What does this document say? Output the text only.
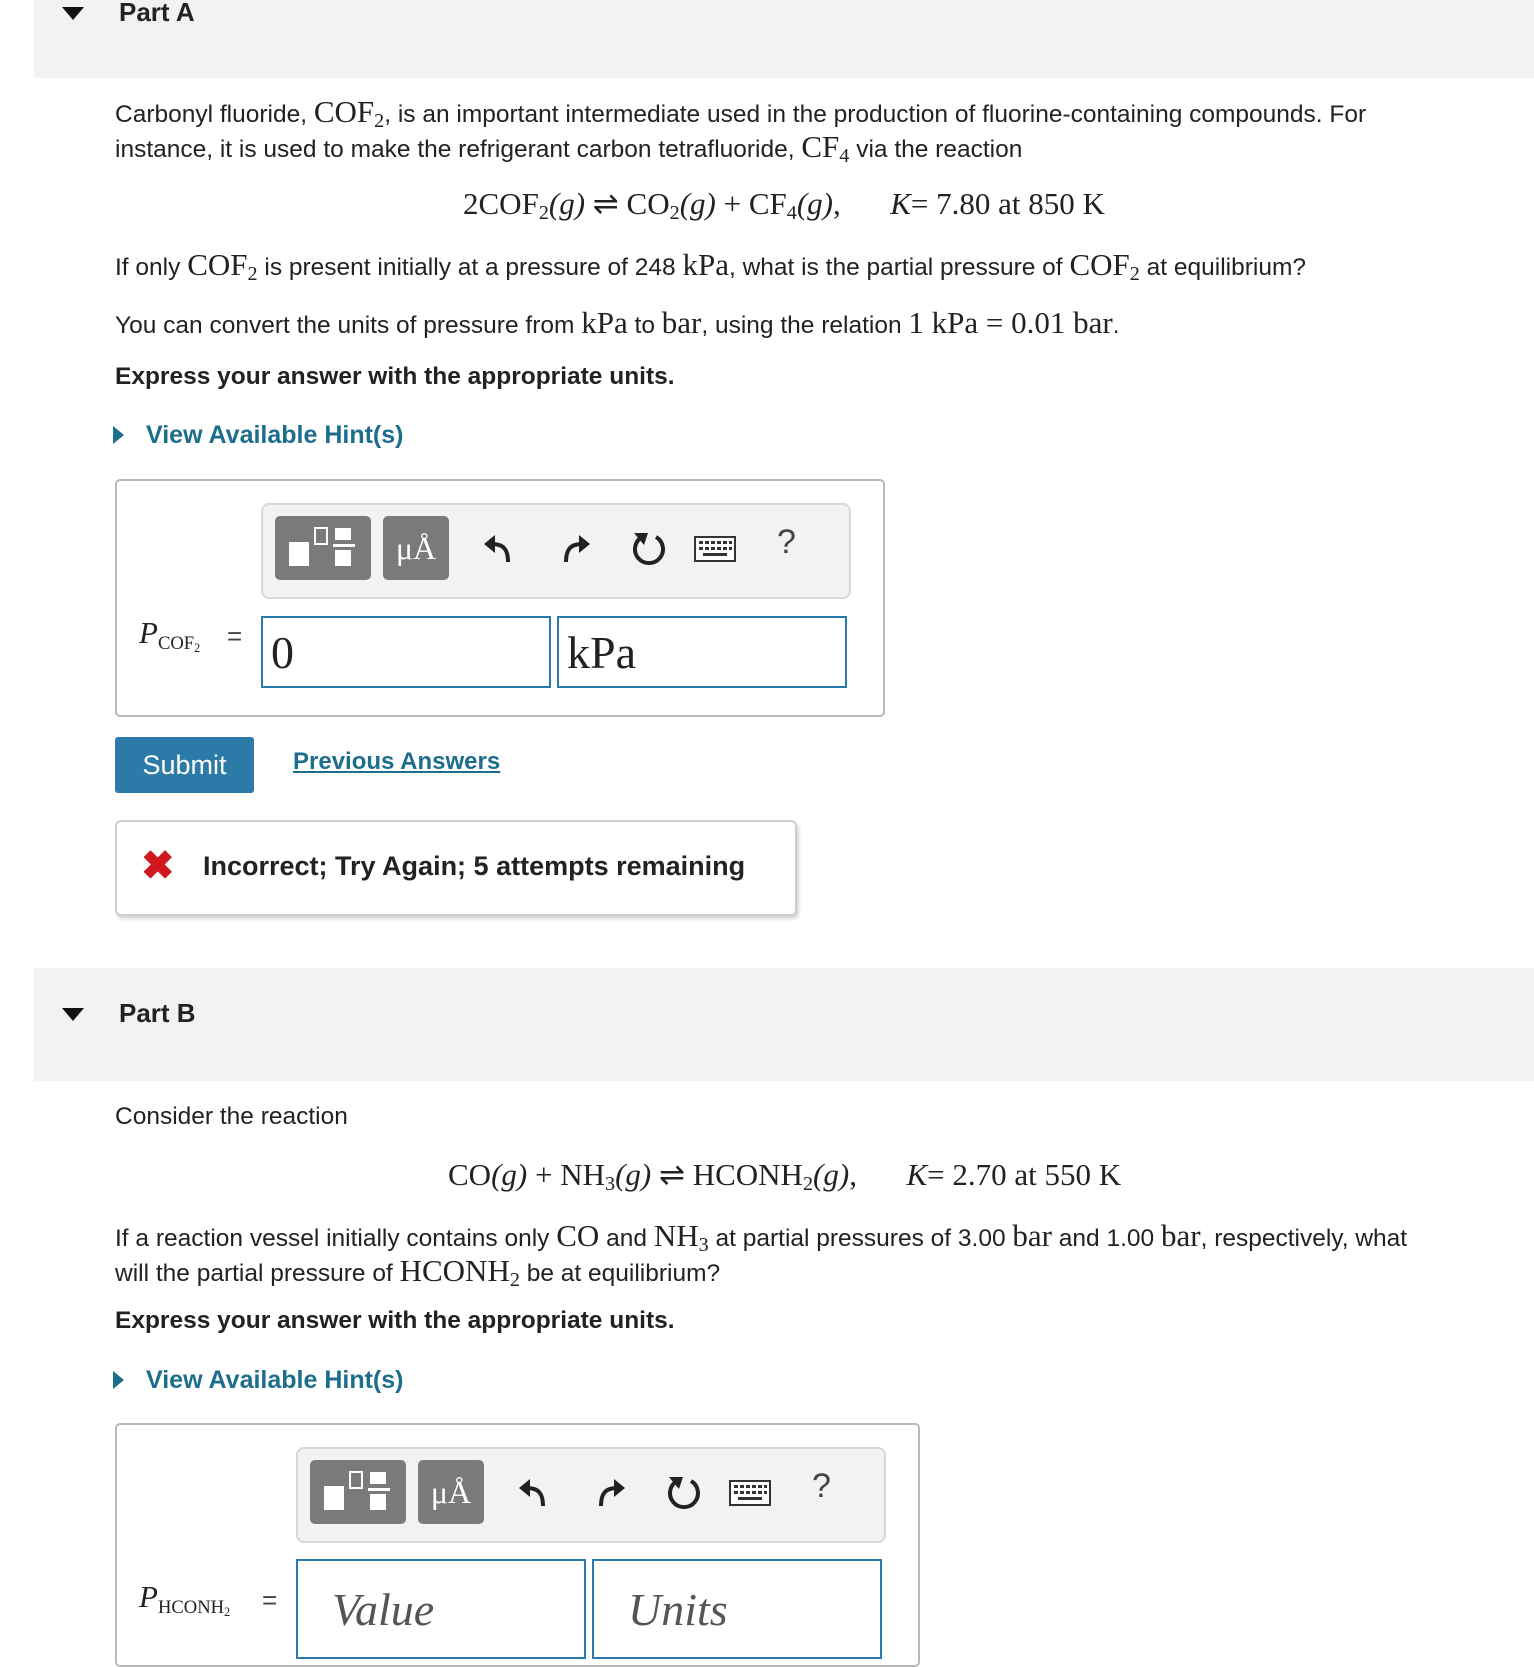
Part A
Carbonyl fluoride, $COF_2$, is an important intermediate used in the production of fluorine-containing compounds. For
instance, it is used to make the refrigerant carbon tetrafluoride, $CF_4$ via the reaction
$2COF_2(g)$ ⇌ $CO_2(g) + CF_4(g)$, K= 7.80 at 850 K
If only $COF_2$ is present initially at a pressure of 248 kPa, what is the partial pressure of $COF_2$ at equilibrium?
You can convert the units of pressure from kPa to bar, using the relation 1 kPa = 0.01 bar.
Express your answer with the appropriate units.
View Available Hint(s)
μÅ	?
$P_{COF_2} = 0$	kPa
Submit	Previous Answers
✖ Incorrect; Try Again; 5 attempts remaining
Part B
Consider the reaction
$CO(g) + NH_3(g)$ ⇌ $HCONH_2(g)$, K= 2.70 at 550 K
If a reaction vessel initially contains only CO and $NH_3$ at partial pressures of 3.00 bar and 1.00 bar, respectively, what
will the partial pressure of $HCONH_2$ be at equilibrium?
Express your answer with the appropriate units.
View Available Hint(s)
μÅ	?
$P_{HCONH_2}$ =	Value	Units
